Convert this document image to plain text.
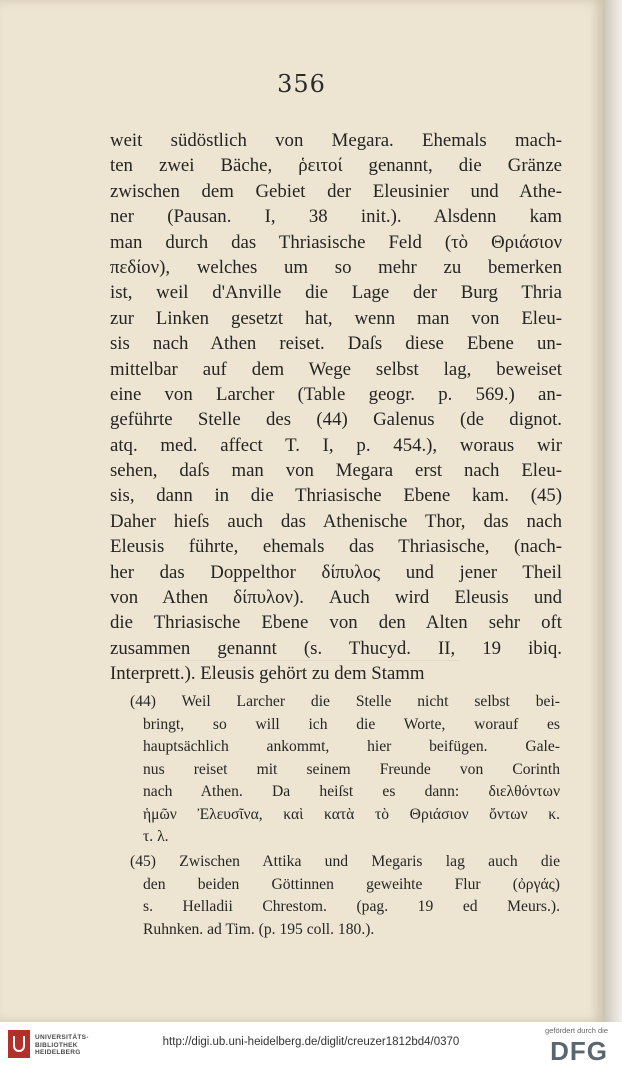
356
weit südöstlich von Megara. Ehemals mach-
ten zwei Bäche, ῥειτοί genannt, die Gränze
zwischen dem Gebiet der Eleusinier und Athe-
ner (Pausan. I, 38 init.). Alsdenn kam
man durch das Thriasische Feld (τὸ Θριάσιον
πεδίον), welches um so mehr zu bemerken
ist, weil d'Anville die Lage der Burg Thria
zur Linken gesetzt hat, wenn man von Eleu-
sis nach Athen reiset. Daſs diese Ebene un-
mittelbar auf dem Wege selbst lag, beweiset
eine von Larcher (Table geogr. p. 569.) an-
geführte Stelle des (44) Galenus (de dignot.
atq. med. affect T. I, p. 454.), woraus wir
sehen, daſs man von Megara erst nach Eleu-
sis, dann in die Thriasische Ebene kam. (45)
Daher hieſs auch das Athenische Thor, das nach
Eleusis führte, ehemals das Thriasische, (nach-
her das Doppelthor δίπυλος und jener Theil
von Athen δίπυλον). Auch wird Eleusis und
die Thriasische Ebene von den Alten sehr oft
zusammen genannt (s. Thucyd. II, 19 ibiq.
Interprett.). Eleusis gehört zu dem Stamm
(44) Weil Larcher die Stelle nicht selbst bei-
bringt, so will ich die Worte, worauf es
hauptsächlich ankommt, hier beifügen. Gale-
nus reiset mit seinem Freunde von Corinth
nach Athen. Da heiſst es dann: διελθόντων
ἡμῶν Ἐλευσῖνα, καὶ κατὰ τὸ Θριάσιον ὄντων κ.
τ. λ.
(45) Zwischen Attika und Megaris lag auch die
den beiden Göttinnen geweihte Flur (ὀργάς)
s. Helladii Chrestom. (pag. 19 ed Meurs.).
Ruhnken. ad Tim. (p. 195 coll. 180.).
UNIVERSITÄTS-
BIBLIOTHEK
HEIDELBERG
http://digi.ub.uni-heidelberg.de/diglit/creuzer1812bd4/0370
gefördert durch die
DFG
